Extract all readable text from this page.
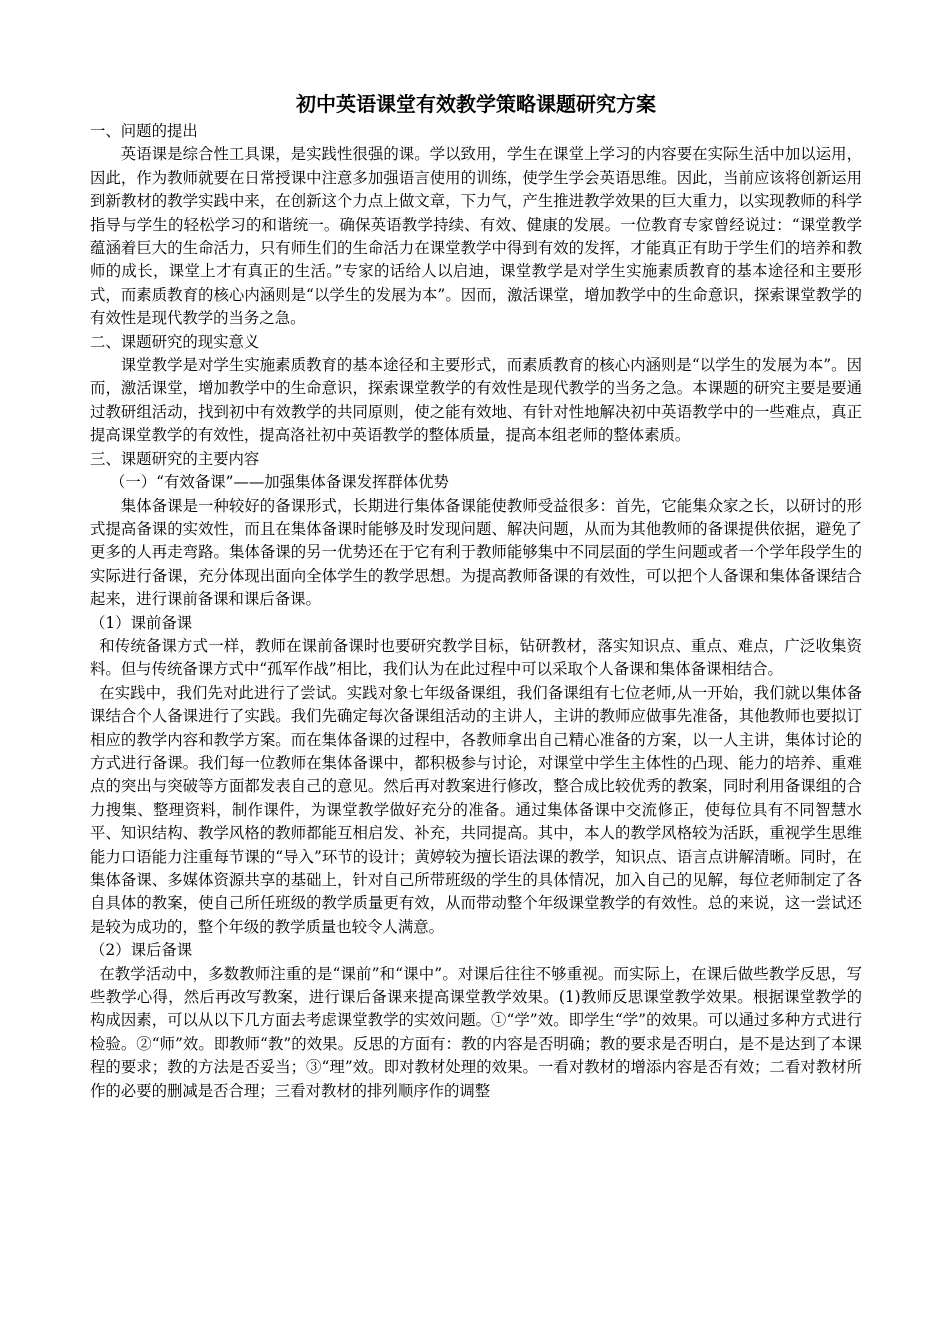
初中英语课堂有效教学策略课题研究方案

一、问题的提出

英语课是综合性工具课，是实践性很强的课。学以致用，学生在课堂上学习的内容要在实际生活中加以运用，因此，作为教师就要在日常授课中注意多加强语言使用的训练，使学生学会英语思维。因此，当前应该将创新运用到新教材的教学实践中来，在创新这个力点上做文章，下力气，产生推进教学效果的巨大重力，以实现教师的科学指导与学生的轻松学习的和谐统一。确保英语教学持续、有效、健康的发展。一位教育专家曾经说过：“课堂教学蕴涵着巨大的生命活力，只有师生们的生命活力在课堂教学中得到有效的发挥，才能真正有助于学生们的培养和教师的成长，课堂上才有真正的生活。”专家的话给人以启迪，课堂教学是对学生实施素质教育的基本途径和主要形式，而素质教育的核心内涵则是“以学生的发展为本”。因而，激活课堂，增加教学中的生命意识，探索课堂教学的有效性是现代教学的当务之急。

二、课题研究的现实意义

课堂教学是对学生实施素质教育的基本途径和主要形式，而素质教育的核心内涵则是“以学生的发展为本”。因而，激活课堂，增加教学中的生命意识，探索课堂教学的有效性是现代教学的当务之急。本课题的研究主要是要通过教研组活动，找到初中有效教学的共同原则，使之能有效地、有针对性地解决初中英语教学中的一些难点，真正提高课堂教学的有效性，提高洛社初中英语教学的整体质量，提高本组老师的整体素质。

三、课题研究的主要内容

（一）“有效备课”——加强集体备课发挥群体优势

集体备课是一种较好的备课形式，长期进行集体备课能使教师受益很多：首先，它能集众家之长，以研讨的形式提高备课的实效性，而且在集体备课时能够及时发现问题、解决问题，从而为其他教师的备课提供依据，避免了更多的人再走弯路。集体备课的另一优势还在于它有利于教师能够集中不同层面的学生问题或者一个学年段学生的实际进行备课，充分体现出面向全体学生的教学思想。为提高教师备课的有效性，可以把个人备课和集体备课结合起来，进行课前备课和课后备课。

（1）课前备课

和传统备课方式一样，教师在课前备课时也要研究教学目标，钻研教材，落实知识点、重点、难点，广泛收集资料。但与传统备课方式中“孤军作战”相比，我们认为在此过程中可以采取个人备课和集体备课相结合。

在实践中，我们先对此进行了尝试。实践对象七年级备课组，我们备课组有七位老师,从一开始，我们就以集体备课结合个人备课进行了实践。我们先确定每次备课组活动的主讲人，主讲的教师应做事先准备，其他教师也要拟订相应的教学内容和教学方案。而在集体备课的过程中，各教师拿出自己精心准备的方案，以一人主讲，集体讨论的方式进行备课。我们每一位教师在集体备课中，都积极参与讨论，对课堂中学生主体性的凸现、能力的培养、重难点的突出与突破等方面都发表自己的意见。然后再对教案进行修改，整合成比较优秀的教案，同时利用备课组的合力搜集、整理资料，制作课件，为课堂教学做好充分的准备。通过集体备课中交流修正，使每位具有不同智慧水平、知识结构、教学风格的教师都能互相启发、补充，共同提高。其中，本人的教学风格较为活跃，重视学生思维能力口语能力注重每节课的“导入”环节的设计；黄婷较为擅长语法课的教学，知识点、语言点讲解清晰。同时，在集体备课、多媒体资源共享的基础上，针对自己所带班级的学生的具体情况，加入自己的见解，每位老师制定了各自具体的教案，使自己所任班级的教学质量更有效，从而带动整个年级课堂教学的有效性。总的来说，这一尝试还是较为成功的，整个年级的教学质量也较令人满意。

（2）课后备课

在教学活动中，多数教师注重的是“课前”和“课中”。对课后往往不够重视。而实际上，在课后做些教学反思，写些教学心得，然后再改写教案，进行课后备课来提高课堂教学效果。(1)教师反思课堂教学效果。根据课堂教学的构成因素，可以从以下几方面去考虑课堂教学的实效问题。①“学”效。即学生“学”的效果。可以通过多种方式进行检验。②“师”效。即教师“教”的效果。反思的方面有：教的内容是否明确；教的要求是否明白，是不是达到了本课程的要求；教的方法是否妥当；③“理”效。即对教材处理的效果。一看对教材的增添内容是否有效；二看对教材所作的必要的删减是否合理；三看对教材的排列顺序作的调整
